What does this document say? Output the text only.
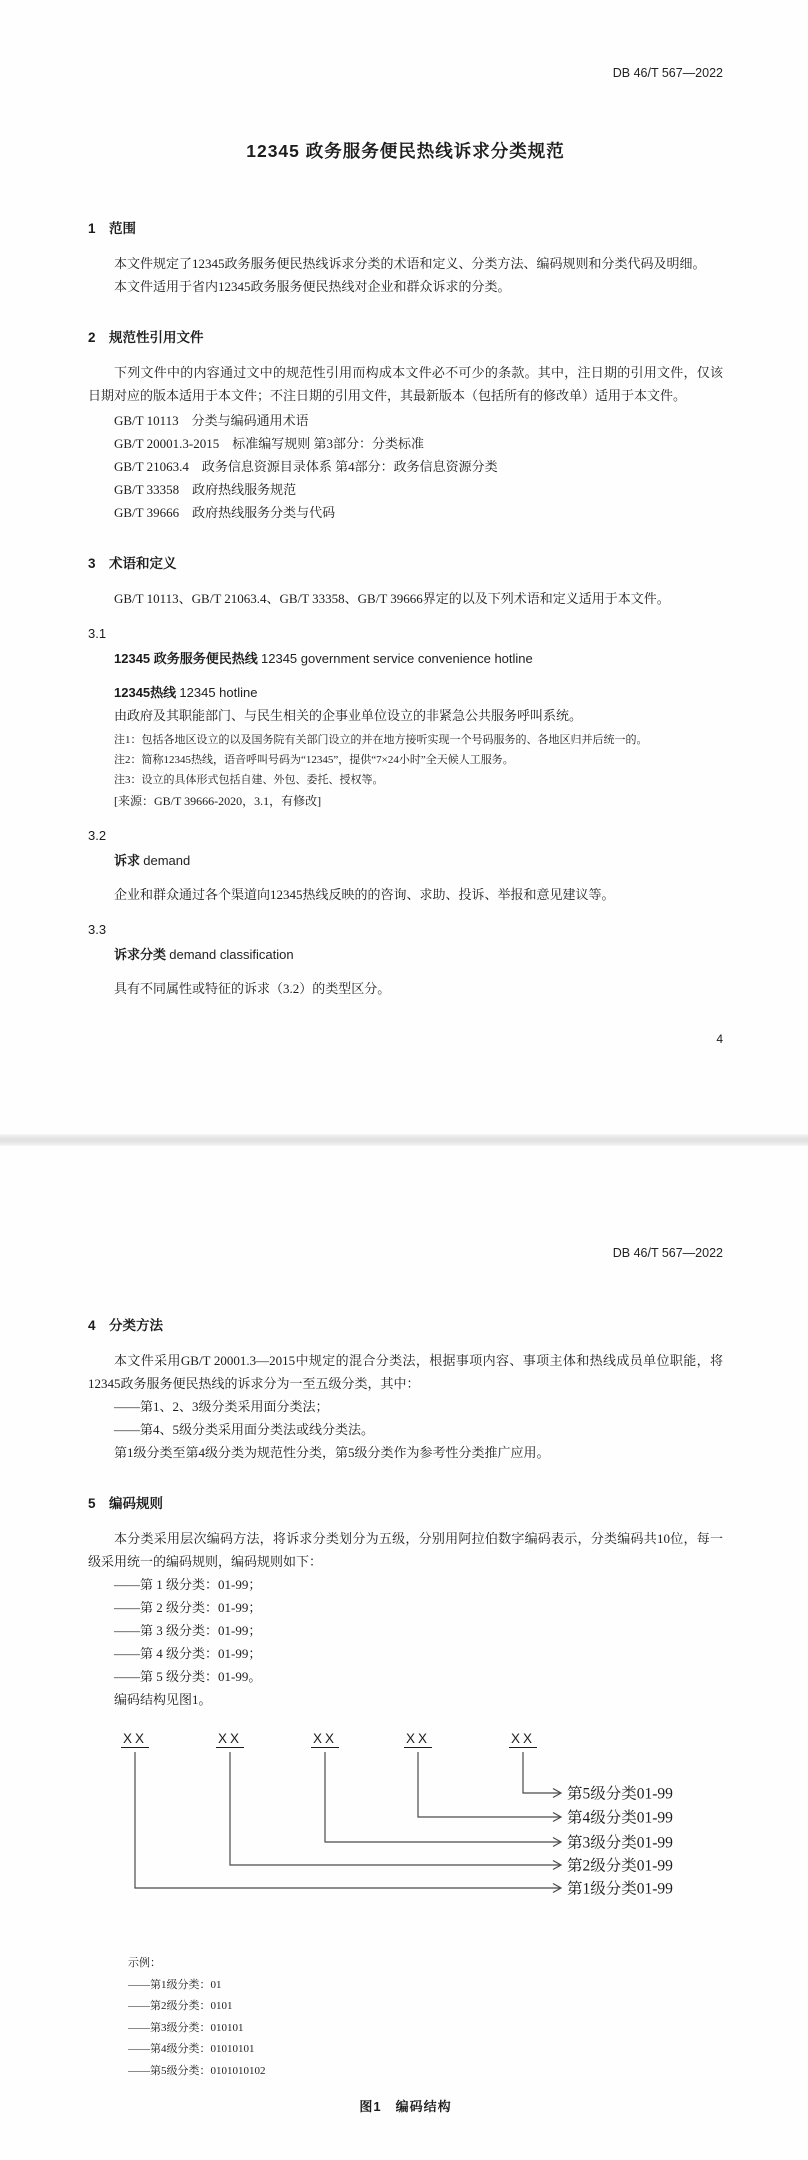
DB 46/T 567—2022
12345 政务服务便民热线诉求分类规范
1　范围
本文件规定了12345政务服务便民热线诉求分类的术语和定义、分类方法、编码规则和分类代码及明细。
本文件适用于省内12345政务服务便民热线对企业和群众诉求的分类。
2　规范性引用文件
下列文件中的内容通过文中的规范性引用而构成本文件必不可少的条款。其中，注日期的引用文件，仅该日期对应的版本适用于本文件；不注日期的引用文件，其最新版本（包括所有的修改单）适用于本文件。
GB/T 10113　分类与编码通用术语
GB/T 20001.3-2015　标准编写规则 第3部分：分类标准
GB/T 21063.4　政务信息资源目录体系 第4部分：政务信息资源分类
GB/T 33358　政府热线服务规范
GB/T 39666　政府热线服务分类与代码
3　术语和定义
GB/T 10113、GB/T 21063.4、GB/T 33358、GB/T 39666界定的以及下列术语和定义适用于本文件。
3.1
12345 政务服务便民热线 12345 government service convenience hotline
12345热线 12345 hotline
由政府及其职能部门、与民生相关的企事业单位设立的非紧急公共服务呼叫系统。
注1：包括各地区设立的以及国务院有关部门设立的并在地方接听实现一个号码服务的、各地区归并后统一的。
注2：简称12345热线，语音呼叫号码为“12345”，提供“7×24小时”全天候人工服务。
注3：设立的具体形式包括自建、外包、委托、授权等。
[来源：GB/T 39666-2020，3.1，有修改]
3.2
诉求 demand
企业和群众通过各个渠道向12345热线反映的的咨询、求助、投诉、举报和意见建议等。
3.3
诉求分类 demand classification
具有不同属性或特征的诉求（3.2）的类型区分。
4
DB 46/T 567—2022
4　分类方法
本文件采用GB/T 20001.3—2015中规定的混合分类法，根据事项内容、事项主体和热线成员单位职能，将12345政务服务便民热线的诉求分为一至五级分类，其中：
——第1、2、3级分类采用面分类法；
——第4、5级分类采用面分类法或线分类法。
第1级分类至第4级分类为规范性分类，第5级分类作为参考性分类推广应用。
5　编码规则
本分类采用层次编码方法，将诉求分类划分为五级，分别用阿拉伯数字编码表示，分类编码共10位，每一级采用统一的编码规则，编码规则如下：
——第 1 级分类：01-99；
——第 2 级分类：01-99；
——第 3 级分类：01-99；
——第 4 级分类：01-99；
——第 5 级分类：01-99。
编码结构见图1。
XX
第1级分类01-99
XX
第2级分类01-99
XX
第3级分类01-99
XX
第4级分类01-99
XX
第5级分类01-99
示例：
——第1级分类：01
——第2级分类：0101
——第3级分类：010101
——第4级分类：01010101
——第5级分类：0101010102
图1　编码结构
